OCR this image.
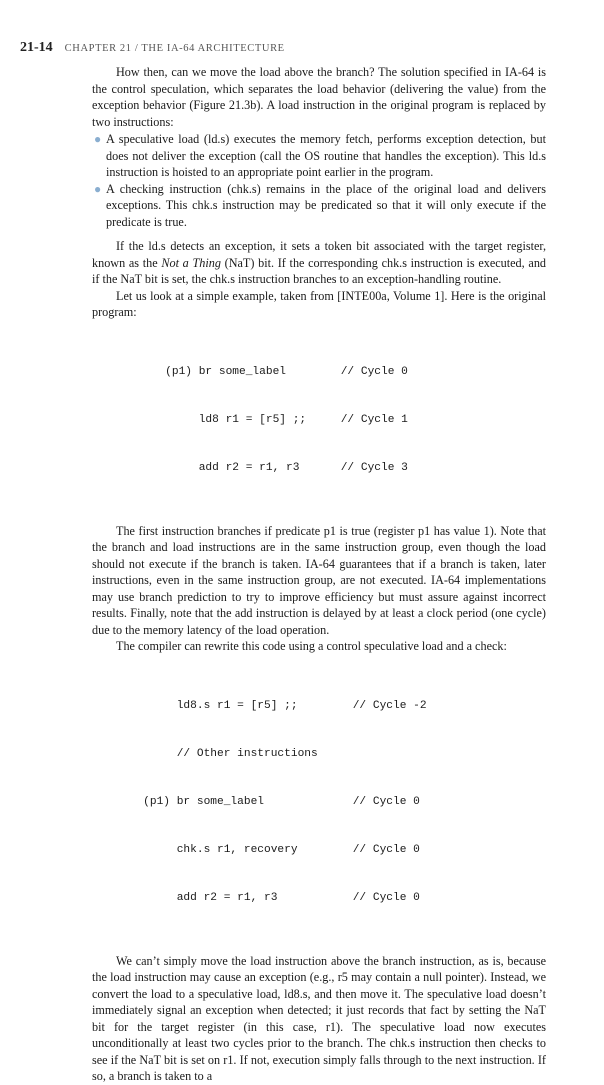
21-14 CHAPTER 21 / THE IA-64 ARCHITECTURE

How then, can we move the load above the branch? The solution specified in IA-64 is the control speculation, which separates the load behavior (delivering the value) from the exception behavior (Figure 21.3b). A load instruction in the original program is replaced by two instructions:

● A speculative load (ld.s) executes the memory fetch, performs exception detection, but does not deliver the exception (call the OS routine that handles the exception). This ld.s instruction is hoisted to an appropriate point earlier in the program.
● A checking instruction (chk.s) remains in the place of the original load and delivers exceptions. This chk.s instruction may be predicated so that it will only execute if the predicate is true.

If the ld.s detects an exception, it sets a token bit associated with the target register, known as the Not a Thing (NaT) bit. If the corresponding chk.s instruction is executed, and if the NaT bit is set, the chk.s instruction branches to an exception-handling routine.

Let us look at a simple example, taken from [INTE00a, Volume 1]. Here is the original program:

(p1) br some_label	// Cycle 0

ld8 r1 = [r5] ;;	// Cycle 1

add r2 = r1, r3	// Cycle 3

The first instruction branches if predicate p1 is true (register p1 has value 1). Note that the branch and load instructions are in the same instruction group, even though the load should not execute if the branch is taken. IA-64 guarantees that if a branch is taken, later instructions, even in the same instruction group, are not executed. IA-64 implementations may use branch prediction to try to improve efficiency but must assure against incorrect results. Finally, note that the add instruction is delayed by at least a clock period (one cycle) due to the memory latency of the load operation.

The compiler can rewrite this code using a control speculative load and a check:

ld8.s r1 = [r5] ;;	// Cycle -2

// Other instructions

(p1) br some_label	// Cycle 0

chk.s r1, recovery	// Cycle 0

add r2 = r1, r3	// Cycle 0

We can’t simply move the load instruction above the branch instruction, as is, because the load instruction may cause an exception (e.g., r5 may contain a null pointer). Instead, we convert the load to a speculative load, ld8.s, and then move it. The speculative load doesn’t immediately signal an exception when detected; it just records that fact by setting the NaT bit for the target register (in this case, r1). The speculative load now executes unconditionally at least two cycles prior to the branch. The chk.s instruction then checks to see if the NaT bit is set on r1. If not, execution simply falls through to the next instruction. If so, a branch is taken to a
